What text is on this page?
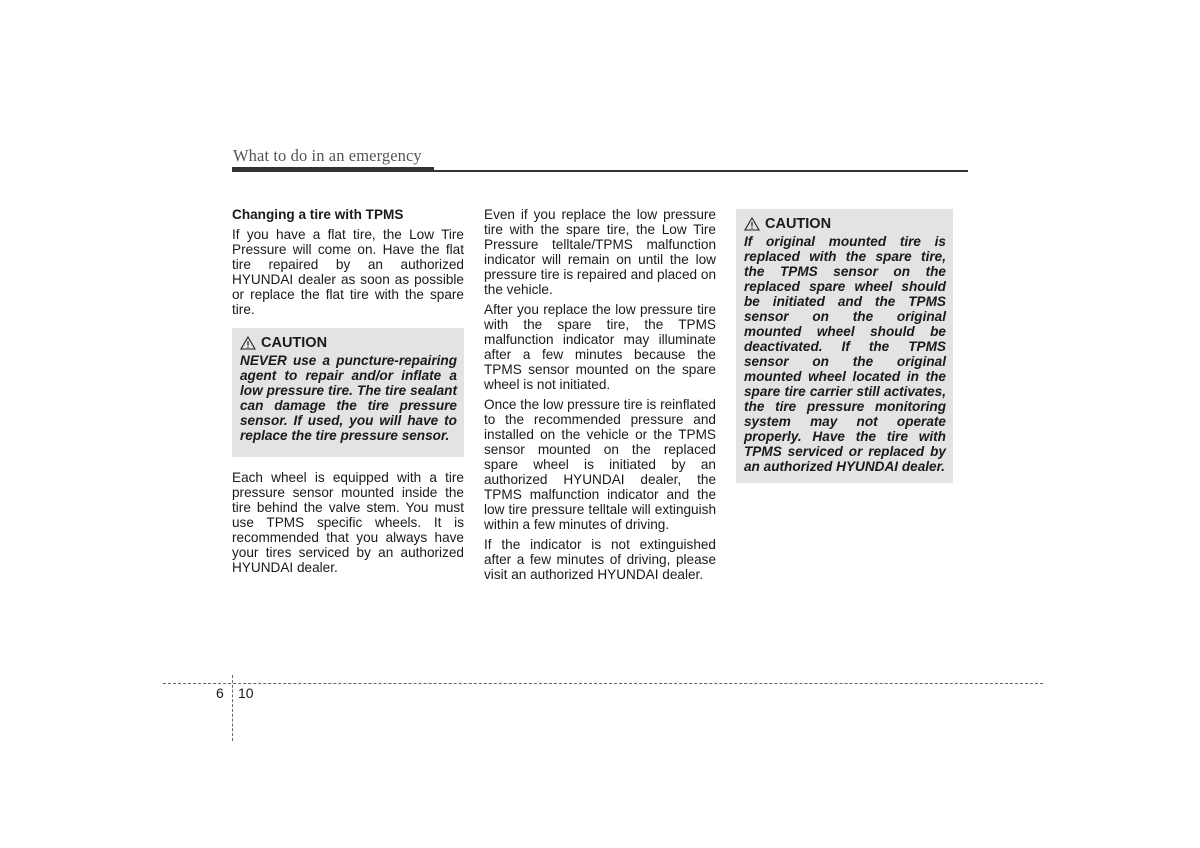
What to do in an emergency

Changing a tire with TPMS

If you have a flat tire, the Low Tire Pressure will come on. Have the flat tire repaired by an authorized HYUNDAI dealer as soon as possible or replace the flat tire with the spare tire.

CAUTION

NEVER use a puncture-repairing agent to repair and/or inflate a low pressure tire. The tire sealant can damage the tire pressure sensor. If used, you will have to replace the tire pressure sensor.

Each wheel is equipped with a tire pressure sensor mounted inside the tire behind the valve stem. You must use TPMS specific wheels. It is recommended that you always have your tires serviced by an authorized HYUNDAI dealer.

Even if you replace the low pressure tire with the spare tire, the Low Tire Pressure telltale/TPMS malfunction indicator will remain on until the low pressure tire is repaired and placed on the vehicle.

After you replace the low pressure tire with the spare tire, the TPMS malfunction indicator may illuminate after a few minutes because the TPMS sensor mounted on the spare wheel is not initiated.

Once the low pressure tire is reinflated to the recommended pressure and installed on the vehicle or the TPMS sensor mounted on the replaced spare wheel is initiated by an authorized HYUNDAI dealer, the TPMS malfunction indicator and the low tire pressure telltale will extinguish within a few minutes of driving.

If the indicator is not extinguished after a few minutes of driving, please visit an authorized HYUNDAI dealer.

CAUTION

If original mounted tire is replaced with the spare tire, the TPMS sensor on the replaced spare wheel should be initiated and the TPMS sensor on the original mounted wheel should be deactivated. If the TPMS sensor on the original mounted wheel located in the spare tire carrier still activates, the tire pressure monitoring system may not operate properly. Have the tire with TPMS serviced or replaced by an authorized HYUNDAI dealer.

6 10
